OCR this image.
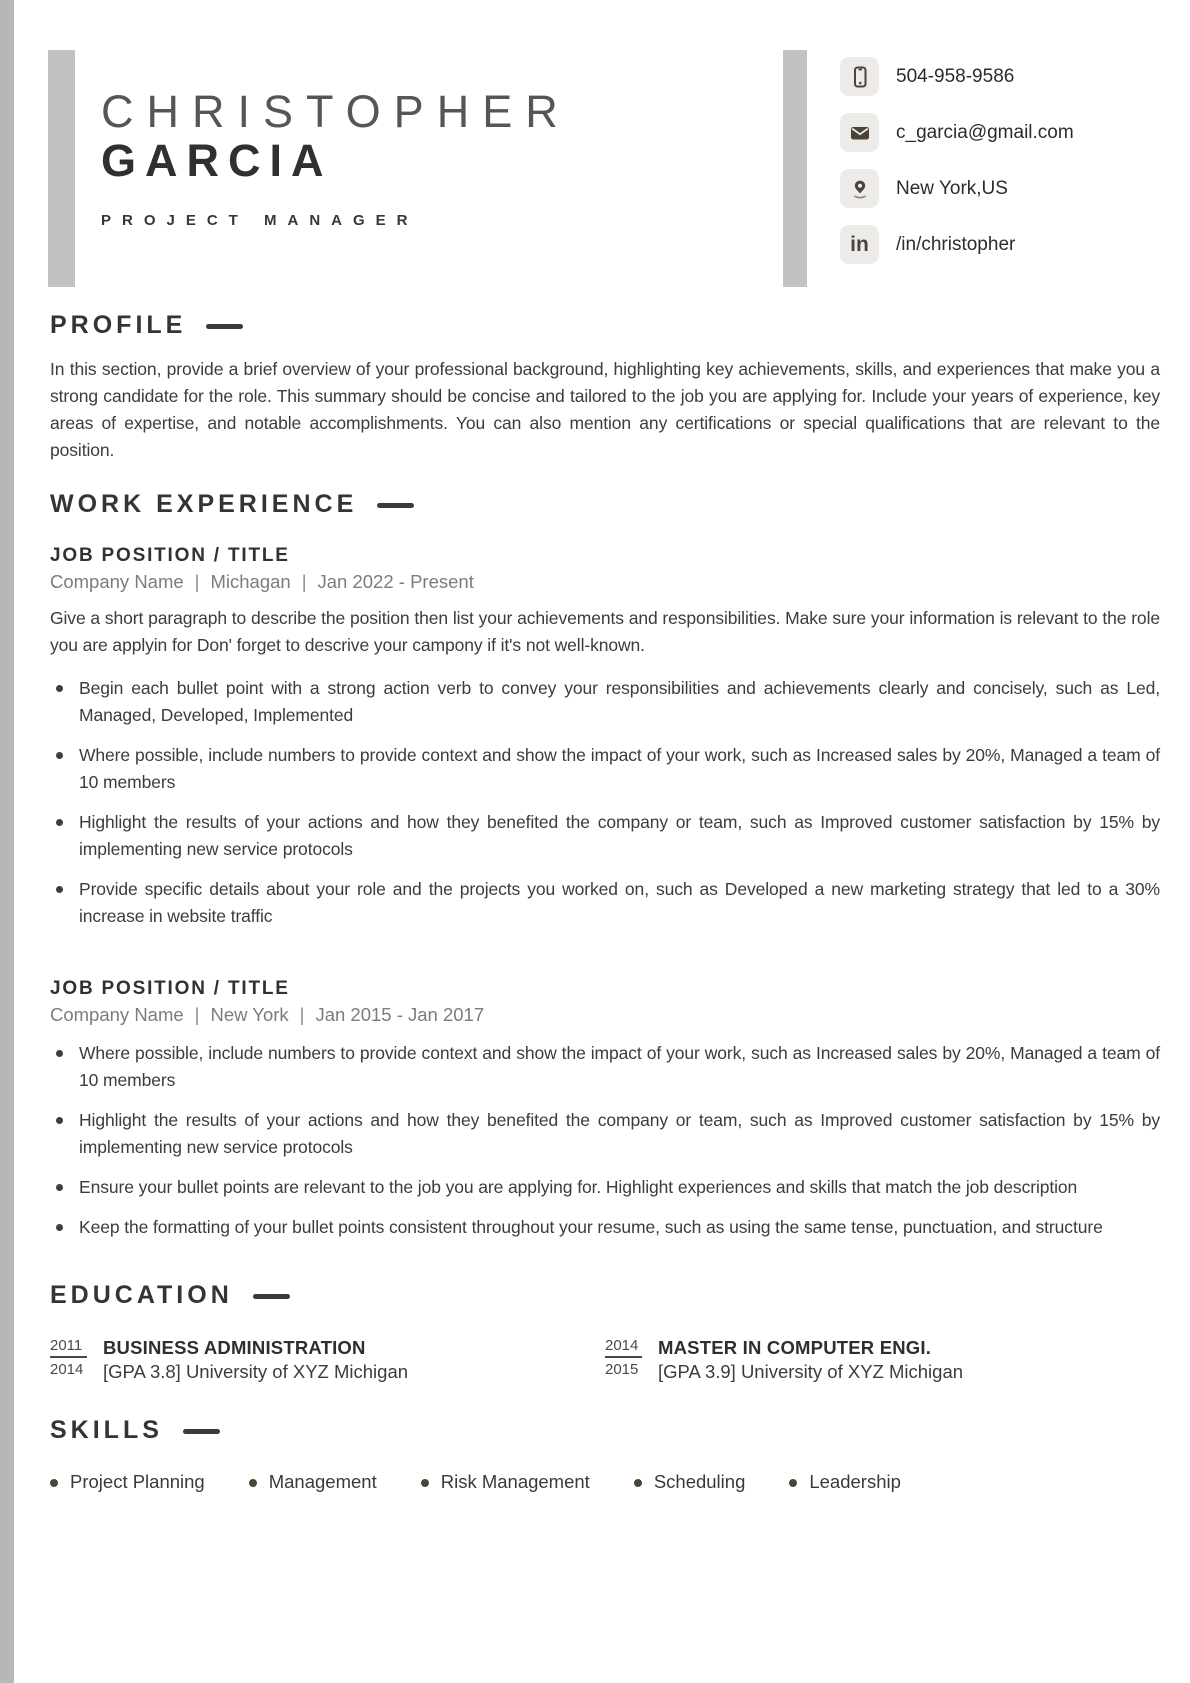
CHRISTOPHER
GARCIA
PROJECT MANAGER
504-958-9586
c_garcia@gmail.com
New York,US
in /in/christopher
PROFILE

In this section, provide a brief overview of your professional background, highlighting key achievements, skills, and experiences that make you a strong candidate for the role. This summary should be concise and tailored to the job you are applying for. Include your years of experience, key areas of expertise, and notable accomplishments. You can also mention any certifications or special qualifications that are relevant to the position.

WORK EXPERIENCE
JOB POSITION / TITLE
Company Name | Michagan | Jan 2022 - Present

Give a short paragraph to describe the position then list your achievements and responsibilities. Make sure your information is relevant to the role you are applyin for Don' forget to descrive your campony if it's not well-known.

Begin each bullet point with a strong action verb to convey your responsibilities and achievements clearly and concisely, such as Led, Managed, Developed, Implemented
Where possible, include numbers to provide context and show the impact of your work, such as Increased sales by 20%, Managed a team of 10 members
Highlight the results of your actions and how they benefited the company or team, such as Improved customer satisfaction by 15% by implementing new service protocols
Provide specific details about your role and the projects you worked on, such as Developed a new marketing strategy that led to a 30% increase in website traffic
JOB POSITION / TITLE
Company Name | New York | Jan 2015 - Jan 2017
Where possible, include numbers to provide context and show the impact of your work, such as Increased sales by 20%, Managed a team of 10 members
Highlight the results of your actions and how they benefited the company or team, such as Improved customer satisfaction by 15% by implementing new service protocols
Ensure your bullet points are relevant to the job you are applying for. Highlight experiences and skills that match the job description
Keep the formatting of your bullet points consistent throughout your resume, such as using the same tense, punctuation, and structure
EDUCATION
2011
2014
BUSINESS ADMINISTRATION
[GPA 3.8] University of XYZ Michigan
2014
2015
MASTER IN COMPUTER ENGI.
[GPA 3.9] University of XYZ Michigan
SKILLS
Project Planning	Management	Risk Management	Scheduling	Leadership
